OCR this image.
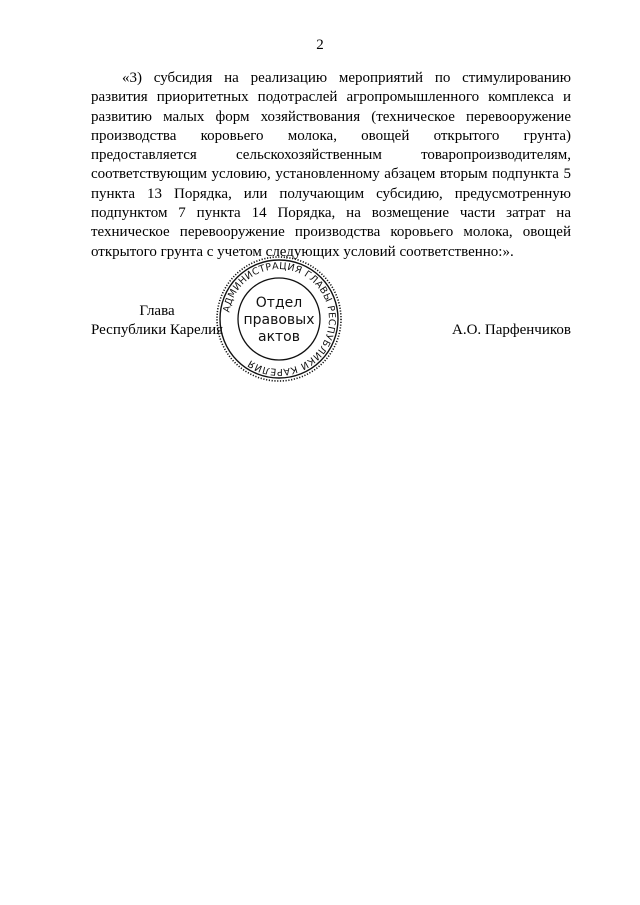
2

«3) субсидия на реализацию мероприятий по стимулированию развития приоритетных подотраслей агропромышленного комплекса и развитию малых форм хозяйствования (техническое перевооружение производства коровьего молока, овощей открытого грунта) предоставляется сельскохозяйственным товаропроизводителям, соответствующим условию, установленному абзацем вторым подпункта 5 пункта 13 Порядка, или получающим субсидию, предусмотренную подпунктом 7 пункта 14 Порядка, на возмещение части затрат на техническое перевооружение производства коровьего молока, овощей открытого грунта с учетом следующих условий соответственно:».

Глава
Республики Карелия	А.О. Парфенчиков
АДМИНИСТРАЦИЯ ГЛАВЫ РЕСПУБЛИКИ КАРЕЛИЯ
Отдел
правовых
актов
